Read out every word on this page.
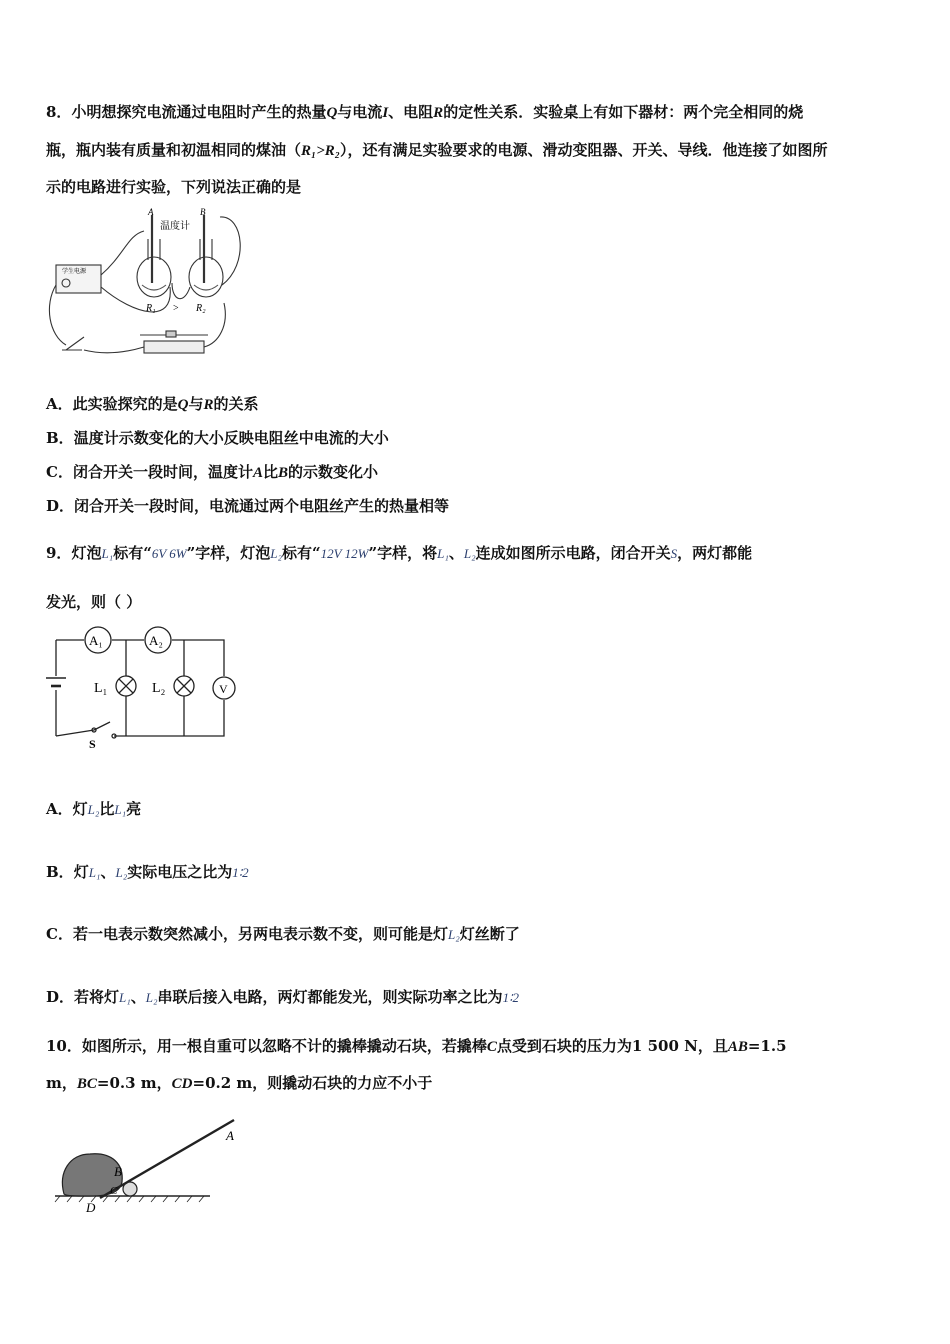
8．小明想探究电流通过电阻时产生的热量Q与电流I、电阻R的定性关系．实验桌上有如下器材：两个完全相同的烧
瓶，瓶内装有质量和初温相同的煤油（R₁>R₂），还有满足实验要求的电源、滑动变阻器、开关、导线．他连接了如图所
示的电路进行实验，下列说法正确的是
A	B
温度计
学生电源
R₁ > R₂
A．此实验探究的是Q与R的关系
B．温度计示数变化的大小反映电阻丝中电流的大小
C．闭合开关一段时间，温度计A比B的示数变化小
D．闭合开关一段时间，电流通过两个电阻丝产生的热量相等
9．灯泡L₁标有“6V 6W”字样，灯泡L₂标有“12V 12W”字样，将L₁、L₂连成如图所示电路，闭合开关S，两灯都能
发光，则（ ）
A₁	A₂
L₁	L₂	V
S
A．灯L₂比L₁亮
B．灯L₁、L₂实际电压之比为1∶2
C．若一电表示数突然减小，另两电表示数不变，则可能是灯L₂灯丝断了
D．若将灯L₁、L₂串联后接入电路，两灯都能发光，则实际功率之比为1∶2
10．如图所示，用一根自重可以忽略不计的撬棒撬动石块，若撬棒C点受到石块的压力为1 500 N，且AB=1.5
m，BC=0.3 m，CD=0.2 m，则撬动石块的力应不小于
A
B
C
D
